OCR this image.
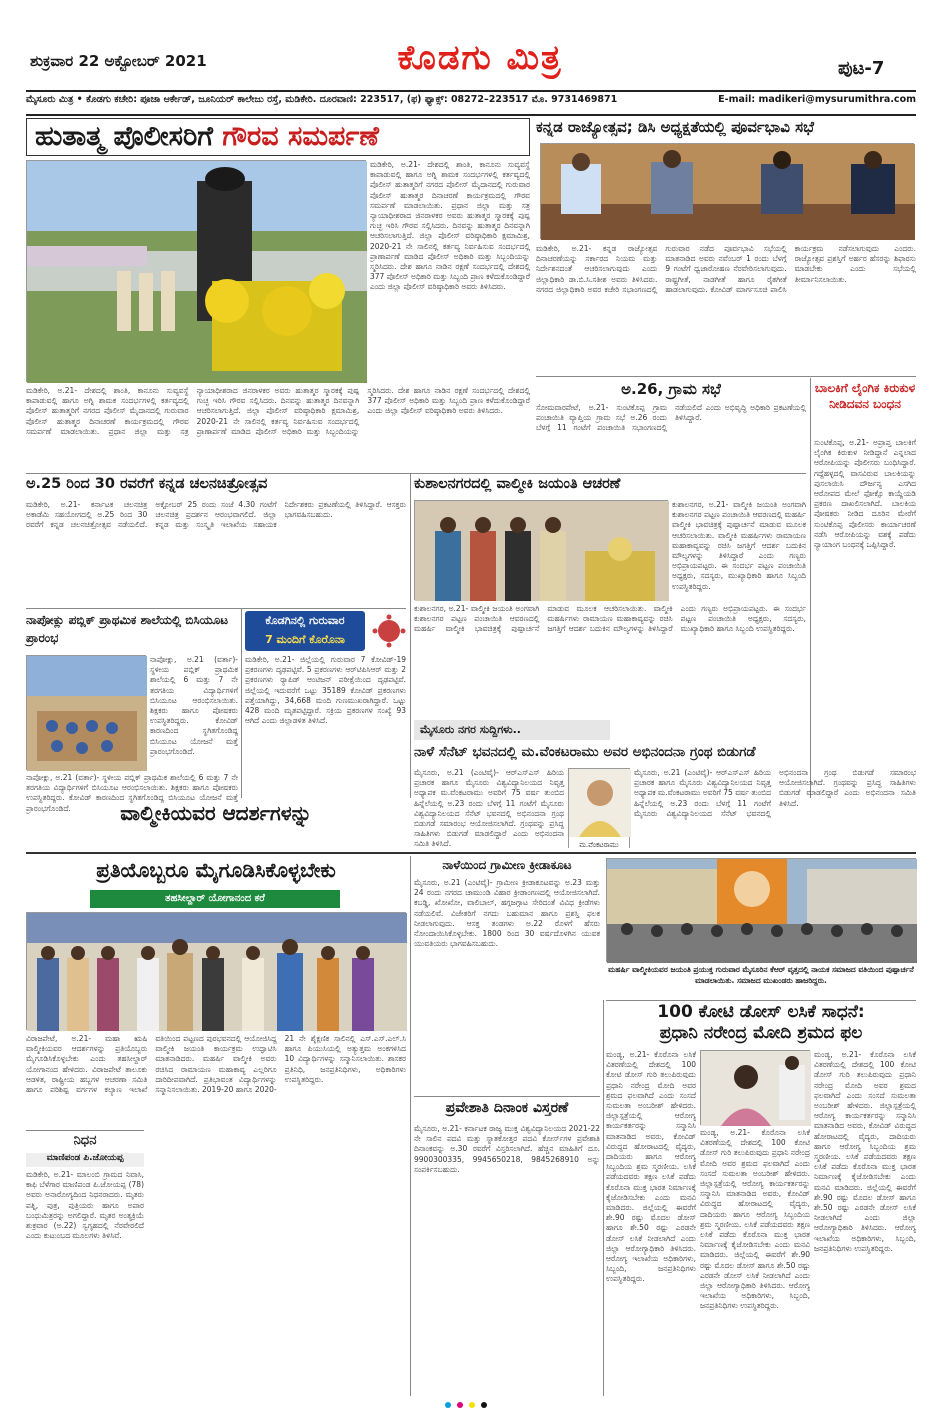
ಶುಕ್ರವಾರ 22 ಅಕ್ಟೋಬರ್ 2021	ಕೊಡಗು ಮಿತ್ರ	ಪುಟ-7
ಮೈಸೂರು ಮಿತ್ರ • ಕೊಡಗು ಕಚೇರಿ: ಪೂಜಾ ಆರ್ಕೇಡ್, ಜೂನಿಯರ್ ಕಾಲೇಜು ರಸ್ತೆ, ಮಡಿಕೇರಿ. ದೂರವಾಣಿ: 223517, (ಫ) ಫ್ಯಾಕ್ಸ್: 08272–223517 ಮೊ. 9731469871	E-mail: madikeri@mysurumithra.com
ಹುತಾತ್ಮ ಪೊಲೀಸರಿಗೆ ಗೌರವ ಸಮರ್ಪಣೆ
ಮಡಿಕೇರಿ, ಅ.21- ದೇಶದಲ್ಲಿ ಶಾಂತಿ, ಕಾನೂನು ಸುವ್ಯವಸ್ಥೆ ಕಾಪಾಡುವಲ್ಲಿ ಹಾಗೂ ಅಗ್ನಿ ಶಾಮಕ ಸಂದರ್ಭಗಳಲ್ಲಿ ಕರ್ತವ್ಯದಲ್ಲಿ ಪೊಲೀಸ್ ಹುತಾತ್ಮರಿಗೆ ನಗರದ ಪೊಲೀಸ್ ಮೈದಾನದಲ್ಲಿ ಗುರುವಾರ ಪೊಲೀಸ್ ಹುತಾತ್ಮರ ದಿನಾಚರಣೆ ಕಾರ್ಯಕ್ರಮದಲ್ಲಿ ಗೌರವ ಸಮರ್ಪಣೆ ಮಾಡಲಾಯಿತು. ಪ್ರಧಾನ ಜಿಲ್ಲಾ ಮತ್ತು ಸತ್ರ ನ್ಯಾಯಾಧೀಶರಾದ ಜಿನರಾಳಕರ ಅವರು ಹುತಾತ್ಮರ ಸ್ಮಾರಕಕ್ಕೆ ಪುಷ್ಪ ಗುಚ್ಛ ಇರಿಸಿ ಗೌರವ ಸಲ್ಲಿಸಿದರು. ದಿನವನ್ನು ಹುತಾತ್ಮರ ದಿನವನ್ನಾಗಿ ಆಚರಿಸಲಾಗುತ್ತಿದೆ. ಜಿಲ್ಲಾ ಪೊಲೀಸ್ ವರಿಷ್ಠಾಧಿಕಾರಿ ಕ್ಷಮಾಮಿಶ್ರ, 2020-21 ನೇ ಸಾಲಿನಲ್ಲಿ ಕರ್ತವ್ಯ ನಿರ್ವಹಿಸುವ ಸಂದರ್ಭದಲ್ಲಿ ಪ್ರಾಣಾರ್ಪಣೆ ಮಾಡಿದ ಪೊಲೀಸ್ ಅಧಿಕಾರಿ ಮತ್ತು ಸಿಬ್ಬಂದಿಯನ್ನು ಸ್ಮರಿಸಿದರು. ದೇಶ ಹಾಗೂ ನಾಡಿನ ರಕ್ಷಣೆ ಸಂದರ್ಭದಲ್ಲಿ ದೇಶದಲ್ಲಿ 377 ಪೊಲೀಸ್ ಅಧಿಕಾರಿ ಮತ್ತು ಸಿಬ್ಬಂದಿ ಪ್ರಾಣ ಕಳೆದುಕೊಂಡಿದ್ದಾರೆ ಎಂದು ಜಿಲ್ಲಾ ಪೊಲೀಸ್ ವರಿಷ್ಠಾಧಿಕಾರಿ ಅವರು ತಿಳಿಸಿದರು.
ಮಡಿಕೇರಿ, ಅ.21- ದೇಶದಲ್ಲಿ ಶಾಂತಿ, ಕಾನೂನು ಸುವ್ಯವಸ್ಥೆ ಕಾಪಾಡುವಲ್ಲಿ ಹಾಗೂ ಅಗ್ನಿ ಶಾಮಕ ಸಂದರ್ಭಗಳಲ್ಲಿ ಕರ್ತವ್ಯದಲ್ಲಿ ಪೊಲೀಸ್ ಹುತಾತ್ಮರಿಗೆ ನಗರದ ಪೊಲೀಸ್ ಮೈದಾನದಲ್ಲಿ ಗುರುವಾರ ಪೊಲೀಸ್ ಹುತಾತ್ಮರ ದಿನಾಚರಣೆ ಕಾರ್ಯಕ್ರಮದಲ್ಲಿ ಗೌರವ ಸಮರ್ಪಣೆ ಮಾಡಲಾಯಿತು. ಪ್ರಧಾನ ಜಿಲ್ಲಾ ಮತ್ತು ಸತ್ರ ನ್ಯಾಯಾಧೀಶರಾದ ಜಿನರಾಳಕರ ಅವರು ಹುತಾತ್ಮರ ಸ್ಮಾರಕಕ್ಕೆ ಪುಷ್ಪ ಗುಚ್ಛ ಇರಿಸಿ ಗೌರವ ಸಲ್ಲಿಸಿದರು. ದಿನವನ್ನು ಹುತಾತ್ಮರ ದಿನವನ್ನಾಗಿ ಆಚರಿಸಲಾಗುತ್ತಿದೆ. ಜಿಲ್ಲಾ ಪೊಲೀಸ್ ವರಿಷ್ಠಾಧಿಕಾರಿ ಕ್ಷಮಾಮಿಶ್ರ, 2020-21 ನೇ ಸಾಲಿನಲ್ಲಿ ಕರ್ತವ್ಯ ನಿರ್ವಹಿಸುವ ಸಂದರ್ಭದಲ್ಲಿ ಪ್ರಾಣಾರ್ಪಣೆ ಮಾಡಿದ ಪೊಲೀಸ್ ಅಧಿಕಾರಿ ಮತ್ತು ಸಿಬ್ಬಂದಿಯನ್ನು ಸ್ಮರಿಸಿದರು. ದೇಶ ಹಾಗೂ ನಾಡಿನ ರಕ್ಷಣೆ ಸಂದರ್ಭದಲ್ಲಿ ದೇಶದಲ್ಲಿ 377 ಪೊಲೀಸ್ ಅಧಿಕಾರಿ ಮತ್ತು ಸಿಬ್ಬಂದಿ ಪ್ರಾಣ ಕಳೆದುಕೊಂಡಿದ್ದಾರೆ ಎಂದು ಜಿಲ್ಲಾ ಪೊಲೀಸ್ ವರಿಷ್ಠಾಧಿಕಾರಿ ಅವರು ತಿಳಿಸಿದರು.
ಕನ್ನಡ ರಾಜ್ಯೋತ್ಸವ; ಡಿಸಿ ಅಧ್ಯಕ್ಷತೆಯಲ್ಲಿ ಪೂರ್ವಭಾವಿ ಸಭೆ
ಮಡಿಕೇರಿ, ಅ.21- ಕನ್ನಡ ರಾಜ್ಯೋತ್ಸವ ದಿನಾಚರಣೆಯನ್ನು ಸರ್ಕಾರದ ನಿಯಮ ಮತ್ತು ನಿರ್ದೇಶನದಂತೆ ಆಚರಿಸಲಾಗುವುದು ಎಂದು ಜಿಲ್ಲಾಧಿಕಾರಿ ಡಾ.ಬಿ.ಸಿ.ಸತೀಶ ಅವರು ತಿಳಿಸಿದರು. ನಗರದ ಜಿಲ್ಲಾಧಿಕಾರಿ ಅವರ ಕಚೇರಿ ಸಭಾಂಗಣದಲ್ಲಿ ಗುರುವಾರ ನಡೆದ ಪೂರ್ವಭಾವಿ ಸಭೆಯಲ್ಲಿ ಮಾತನಾಡಿದ ಅವರು ನವೆಂಬರ್ 1 ರಂದು ಬೆಳಗ್ಗೆ 9 ಗಂಟೆಗೆ ಧ್ವಜಾರೋಹಣ ನೆರವೇರಿಸಲಾಗುವುದು. ರಾಷ್ಟ್ರಗೀತೆ, ನಾಡಗೀತೆ ಹಾಗೂ ರೈತಗೀತೆ ಹಾಡಲಾಗುವುದು. ಕೋವಿಡ್ ಮಾರ್ಗಸೂಚಿ ಪಾಲಿಸಿ ಕಾರ್ಯಕ್ರಮ ನಡೆಸಲಾಗುವುದು ಎಂದರು. ರಾಜ್ಯೋತ್ಸವ ಪ್ರಶಸ್ತಿಗೆ ಅರ್ಹರ ಹೆಸರನ್ನು ಶಿಫಾರಸು ಮಾಡಬೇಕು ಎಂದು ಸಭೆಯಲ್ಲಿ ತೀರ್ಮಾನಿಸಲಾಯಿತು.
ಅ.26, ಗ್ರಾಮ ಸಭೆ
ಸೋಮವಾರಪೇಟೆ, ಅ.21- ಸುಂಟಿಕೊಪ್ಪ ಗ್ರಾಮ ಪಂಚಾಯಿತಿ ವ್ಯಾಪ್ತಿಯ ಗ್ರಾಮ ಸಭೆ ಅ.26 ರಂದು ಬೆಳಗ್ಗೆ 11 ಗಂಟೆಗೆ ಪಂಚಾಯಿತಿ ಸಭಾಂಗಣದಲ್ಲಿ ನಡೆಯಲಿದೆ ಎಂದು ಅಭಿವೃದ್ಧಿ ಅಧಿಕಾರಿ ಪ್ರಕಟಣೆಯಲ್ಲಿ ತಿಳಿಸಿದ್ದಾರೆ.
ಬಾಲಕಿಗೆ ಲೈಂಗಿಕ ಕಿರುಕುಳ ನೀಡಿದವನ ಬಂಧನ
ಸುಂಟಿಕೊಪ್ಪ, ಅ.21- ಅಪ್ರಾಪ್ತ ಬಾಲಕಿಗೆ ಲೈಂಗಿಕ ಕಿರುಕುಳ ನೀಡಿದ್ದಾನೆ ಎನ್ನಲಾದ ಆರೋಪಿಯನ್ನು ಪೊಲೀಸರು ಬಂಧಿಸಿದ್ದಾರೆ. ಗದ್ದೆಹಳ್ಳದಲ್ಲಿ ವಾಸವಿರುವ ಬಾಲಕಿಯನ್ನು ಪುಸಲಾಯಿಸಿ ದೌರ್ಜನ್ಯ ಎಸಗಿದ ಆರೋಪದ ಮೇಲೆ ಫೋಕ್ಸೊ ಕಾಯ್ದೆಯಡಿ ಪ್ರಕರಣ ದಾಖಲಿಸಲಾಗಿದೆ. ಬಾಲಕಿಯ ಪೋಷಕರು ನೀಡಿದ ದೂರಿನ ಮೇರೆಗೆ ಸುಂಟಿಕೊಪ್ಪ ಪೊಲೀಸರು ಕಾರ್ಯಾಚರಣೆ ನಡೆಸಿ ಆರೋಪಿಯನ್ನು ವಶಕ್ಕೆ ಪಡೆದು ನ್ಯಾಯಾಂಗ ಬಂಧನಕ್ಕೆ ಒಪ್ಪಿಸಿದ್ದಾರೆ.
ಅ.25 ರಿಂದ 30 ರವರೆಗೆ ಕನ್ನಡ ಚಲನಚಿತ್ರೋತ್ಸವ
ಮಡಿಕೇರಿ, ಅ.21- ಕರ್ನಾಟಕ ಚಲನಚಿತ್ರ ಅಕಾಡೆಮಿ ಸಹಯೋಗದಲ್ಲಿ ಅ.25 ರಿಂದ 30 ರವರೆಗೆ ಕನ್ನಡ ಚಲನಚಿತ್ರೋತ್ಸವ ನಡೆಯಲಿದೆ. ಅಕ್ಟೋಬರ್ 25 ರಂದು ಸಂಜೆ 4.30 ಗಂಟೆಗೆ ಚಲನಚಿತ್ರ ಪ್ರದರ್ಶನ ಆರಂಭವಾಗಲಿದೆ. ಜಿಲ್ಲಾ ಕನ್ನಡ ಮತ್ತು ಸಂಸ್ಕೃತಿ ಇಲಾಖೆಯ ಸಹಾಯಕ ನಿರ್ದೇಶಕರು ಪ್ರಕಟಣೆಯಲ್ಲಿ ತಿಳಿಸಿದ್ದಾರೆ. ಆಸಕ್ತರು ಭಾಗವಹಿಸಬಹುದು.
ನಾಪೋಕ್ಲು ಪಬ್ಲಿಕ್ ಪ್ರಾಥಮಿಕ ಶಾಲೆಯಲ್ಲಿ ಬಿಸಿಯೂಟ ಪ್ರಾರಂಭ
ನಾಪೋಕ್ಲು, ಅ.21 (ವರ್ತಾ)- ಸ್ಥಳೀಯ ಪಬ್ಲಿಕ್ ಪ್ರಾಥಮಿಕ ಶಾಲೆಯಲ್ಲಿ 6 ಮತ್ತು 7 ನೇ ತರಗತಿಯ ವಿದ್ಯಾರ್ಥಿಗಳಿಗೆ ಬಿಸಿಯೂಟ ಆರಂಭಿಸಲಾಯಿತು. ಶಿಕ್ಷಕರು ಹಾಗೂ ಪೋಷಕರು ಉಪಸ್ಥಿತರಿದ್ದರು. ಕೋವಿಡ್ ಕಾರಣದಿಂದ ಸ್ಥಗಿತಗೊಂಡಿದ್ದ ಬಿಸಿಯೂಟ ಯೋಜನೆ ಮತ್ತೆ ಪ್ರಾರಂಭಗೊಂಡಿದೆ.
ನಾಪೋಕ್ಲು, ಅ.21 (ವರ್ತಾ)- ಸ್ಥಳೀಯ ಪಬ್ಲಿಕ್ ಪ್ರಾಥಮಿಕ ಶಾಲೆಯಲ್ಲಿ 6 ಮತ್ತು 7 ನೇ ತರಗತಿಯ ವಿದ್ಯಾರ್ಥಿಗಳಿಗೆ ಬಿಸಿಯೂಟ ಆರಂಭಿಸಲಾಯಿತು. ಶಿಕ್ಷಕರು ಹಾಗೂ ಪೋಷಕರು ಉಪಸ್ಥಿತರಿದ್ದರು. ಕೋವಿಡ್ ಕಾರಣದಿಂದ ಸ್ಥಗಿತಗೊಂಡಿದ್ದ ಬಿಸಿಯೂಟ ಯೋಜನೆ ಮತ್ತೆ ಪ್ರಾರಂಭಗೊಂಡಿದೆ.
ಕೊಡಗಿನಲ್ಲಿ ಗುರುವಾರ
7 ಮಂದಿಗೆ ಕೊರೊನಾ
ಮಡಿಕೇರಿ, ಅ.21- ಜಿಲ್ಲೆಯಲ್ಲಿ ಗುರುವಾರ 7 ಕೋವಿಡ್-19 ಪ್ರಕರಣಗಳು ದೃಢಪಟ್ಟಿವೆ. 5 ಪ್ರಕರಣಗಳು ಆರ್‌ಟಿಪಿಸಿಆರ್ ಮತ್ತು 2 ಪ್ರಕರಣಗಳು ರ್‍ಯಾಪಿಡ್ ಆಂಟಿಜನ್ ಪರೀಕ್ಷೆಯಿಂದ ದೃಢಪಟ್ಟಿವೆ. ಜಿಲ್ಲೆಯಲ್ಲಿ ಇದುವರೆಗೆ ಒಟ್ಟು 35189 ಕೋವಿಡ್ ಪ್ರಕರಣಗಳು ಪತ್ತೆಯಾಗಿದ್ದು, 34,668 ಮಂದಿ ಗುಣಮುಖರಾಗಿದ್ದಾರೆ. ಒಟ್ಟು 428 ಮಂದಿ ಮೃತಪಟ್ಟಿದ್ದಾರೆ. ಸಕ್ರಿಯ ಪ್ರಕರಣಗಳ ಸಂಖ್ಯೆ 93 ಆಗಿದೆ ಎಂದು ಜಿಲ್ಲಾಡಳಿತ ತಿಳಿಸಿದೆ.
ಕುಶಾಲನಗರದಲ್ಲಿ ವಾಲ್ಮೀಕಿ ಜಯಂತಿ ಆಚರಣೆ
ಕುಶಾಲನಗರ, ಅ.21- ವಾಲ್ಮೀಕಿ ಜಯಂತಿ ಅಂಗವಾಗಿ ಕುಶಾಲನಗರ ಪಟ್ಟಣ ಪಂಚಾಯಿತಿ ಆವರಣದಲ್ಲಿ ಮಹರ್ಷಿ ವಾಲ್ಮೀಕಿ ಭಾವಚಿತ್ರಕ್ಕೆ ಪುಷ್ಪಾರ್ಚನೆ ಮಾಡುವ ಮೂಲಕ ಆಚರಿಸಲಾಯಿತು. ವಾಲ್ಮೀಕಿ ಮಹರ್ಷಿಗಳು ರಾಮಾಯಣ ಮಹಾಕಾವ್ಯವನ್ನು ರಚಿಸಿ ಜಗತ್ತಿಗೆ ಆದರ್ಶ ಬದುಕಿನ ಮೌಲ್ಯಗಳನ್ನು ತಿಳಿಸಿದ್ದಾರೆ ಎಂದು ಗಣ್ಯರು ಅಭಿಪ್ರಾಯಪಟ್ಟರು. ಈ ಸಂದರ್ಭ ಪಟ್ಟಣ ಪಂಚಾಯಿತಿ ಅಧ್ಯಕ್ಷರು, ಸದಸ್ಯರು, ಮುಖ್ಯಾಧಿಕಾರಿ ಹಾಗೂ ಸಿಬ್ಬಂದಿ ಉಪಸ್ಥಿತರಿದ್ದರು.
ಕುಶಾಲನಗರ, ಅ.21- ವಾಲ್ಮೀಕಿ ಜಯಂತಿ ಅಂಗವಾಗಿ ಕುಶಾಲನಗರ ಪಟ್ಟಣ ಪಂಚಾಯಿತಿ ಆವರಣದಲ್ಲಿ ಮಹರ್ಷಿ ವಾಲ್ಮೀಕಿ ಭಾವಚಿತ್ರಕ್ಕೆ ಪುಷ್ಪಾರ್ಚನೆ ಮಾಡುವ ಮೂಲಕ ಆಚರಿಸಲಾಯಿತು. ವಾಲ್ಮೀಕಿ ಮಹರ್ಷಿಗಳು ರಾಮಾಯಣ ಮಹಾಕಾವ್ಯವನ್ನು ರಚಿಸಿ ಜಗತ್ತಿಗೆ ಆದರ್ಶ ಬದುಕಿನ ಮೌಲ್ಯಗಳನ್ನು ತಿಳಿಸಿದ್ದಾರೆ ಎಂದು ಗಣ್ಯರು ಅಭಿಪ್ರಾಯಪಟ್ಟರು. ಈ ಸಂದರ್ಭ ಪಟ್ಟಣ ಪಂಚಾಯಿತಿ ಅಧ್ಯಕ್ಷರು, ಸದಸ್ಯರು, ಮುಖ್ಯಾಧಿಕಾರಿ ಹಾಗೂ ಸಿಬ್ಬಂದಿ ಉಪಸ್ಥಿತರಿದ್ದರು.
ಮೈಸೂರು ನಗರ ಸುದ್ದಿಗಳು..
ನಾಳೆ ಸೆನೆಟ್ ಭವನದಲ್ಲಿ ಮ.ವೆಂಕಟರಾಮು ಅವರ ಅಭಿನಂದನಾ ಗ್ರಂಥ ಬಿಡುಗಡೆ
ಮೈಸೂರು, ಅ.21 (ಎಂಟಿವೈ)- ಆರ್‌ಎಸ್‌ಎಸ್ ಹಿರಿಯ ಪ್ರಚಾರಕ ಹಾಗೂ ಮೈಸೂರು ವಿಶ್ವವಿದ್ಯಾನಿಲಯದ ನಿವೃತ್ತ ಅಧ್ಯಾಪಕ ಮ.ವೆಂಕಟರಾಮು ಅವರಿಗೆ 75 ವರ್ಷ ತುಂಬಿದ ಹಿನ್ನೆಲೆಯಲ್ಲಿ ಅ.23 ರಂದು ಬೆಳಗ್ಗೆ 11 ಗಂಟೆಗೆ ಮೈಸೂರು ವಿಶ್ವವಿದ್ಯಾನಿಲಯದ ಸೆನೆಟ್ ಭವನದಲ್ಲಿ ಅಭಿನಂದನಾ ಗ್ರಂಥ ಬಿಡುಗಡೆ ಸಮಾರಂಭ ಆಯೋಜಿಸಲಾಗಿದೆ. ಗ್ರಂಥವನ್ನು ಪ್ರಸಿದ್ಧ ಸಾಹಿತಿಗಳು ಬಿಡುಗಡೆ ಮಾಡಲಿದ್ದಾರೆ ಎಂದು ಅಭಿನಂದನಾ ಸಮಿತಿ ತಿಳಿಸಿದೆ.	ಮ.ವೆಂಕಟರಾಮು
ಮೈಸೂರು, ಅ.21 (ಎಂಟಿವೈ)- ಆರ್‌ಎಸ್‌ಎಸ್ ಹಿರಿಯ ಪ್ರಚಾರಕ ಹಾಗೂ ಮೈಸೂರು ವಿಶ್ವವಿದ್ಯಾನಿಲಯದ ನಿವೃತ್ತ ಅಧ್ಯಾಪಕ ಮ.ವೆಂಕಟರಾಮು ಅವರಿಗೆ 75 ವರ್ಷ ತುಂಬಿದ ಹಿನ್ನೆಲೆಯಲ್ಲಿ ಅ.23 ರಂದು ಬೆಳಗ್ಗೆ 11 ಗಂಟೆಗೆ ಮೈಸೂರು ವಿಶ್ವವಿದ್ಯಾನಿಲಯದ ಸೆನೆಟ್ ಭವನದಲ್ಲಿ ಅಭಿನಂದನಾ ಗ್ರಂಥ ಬಿಡುಗಡೆ ಸಮಾರಂಭ ಆಯೋಜಿಸಲಾಗಿದೆ. ಗ್ರಂಥವನ್ನು ಪ್ರಸಿದ್ಧ ಸಾಹಿತಿಗಳು ಬಿಡುಗಡೆ ಮಾಡಲಿದ್ದಾರೆ ಎಂದು ಅಭಿನಂದನಾ ಸಮಿತಿ ತಿಳಿಸಿದೆ.
ವಾಲ್ಮೀಕಿಯವರ ಆದರ್ಶಗಳನ್ನು
ಪ್ರತಿಯೊಬ್ಬರೂ ಮೈಗೂಡಿಸಿಕೊಳ್ಳಬೇಕು
ತಹಸೀಲ್ದಾರ್ ಯೋಗಾನಂದ ಕರೆ
ವಿರಾಜಪೇಟೆ, ಅ.21- ಮಹಾ ಋಷಿ ವಾಲ್ಮೀಕಿಯವರ ಆದರ್ಶಗಳನ್ನು ಪ್ರತಿಯೊಬ್ಬರು ಮೈಗೂಡಿಸಿಕೊಳ್ಳಬೇಕು ಎಂದು ತಹಸೀಲ್ದಾರ್ ಯೋಗಾನಂದ ಹೇಳಿದರು. ವಿರಾಜಪೇಟೆ ತಾಲೂಕು ಆಡಳಿತ, ರಾಷ್ಟ್ರೀಯ ಹಬ್ಬಗಳ ಆಚರಣಾ ಸಮಿತಿ ಹಾಗೂ ಪರಿಶಿಷ್ಟ ವರ್ಗಗಳ ಕಲ್ಯಾಣ ಇಲಾಖೆ ವತಿಯಿಂದ ಪಟ್ಟಣದ ಪುರಭವನದಲ್ಲಿ ಆಯೋಜಿಸಿದ್ದ ವಾಲ್ಮೀಕಿ ಜಯಂತಿ ಕಾರ್ಯಕ್ರಮ ಉದ್ಘಾಟಿಸಿ ಮಾತನಾಡಿದರು. ಮಹರ್ಷಿ ವಾಲ್ಮೀಕಿ ಅವರು ರಚಿಸಿದ ರಾಮಾಯಣ ಮಹಾಕಾವ್ಯ ಎಲ್ಲರಿಗೂ ದಾರಿದೀಪವಾಗಿದೆ. ಪ್ರತಿಭಾವಂತ ವಿದ್ಯಾರ್ಥಿಗಳನ್ನು ಸನ್ಮಾನಿಸಲಾಯಿತು. 2019-20 ಹಾಗೂ 2020-21 ನೇ ಶೈಕ್ಷಣಿಕ ಸಾಲಿನಲ್ಲಿ ಎಸ್.ಎಸ್.ಎಲ್.ಸಿ ಹಾಗೂ ಪಿಯುಸಿಯಲ್ಲಿ ಅತ್ಯುತ್ತಮ ಅಂಕಗಳಿಸಿದ 10 ವಿದ್ಯಾರ್ಥಿಗಳನ್ನು ಸನ್ಮಾನಿಸಲಾಯಿತು. ಶಾಸಕರ ಪ್ರತಿನಿಧಿ, ಜನಪ್ರತಿನಿಧಿಗಳು, ಅಧಿಕಾರಿಗಳು ಉಪಸ್ಥಿತರಿದ್ದರು.
ನಿಧನ
ಮಾಣಿಪಂಡ ಪಿ.ಜೋಯಪ್ಪ
ಮಡಿಕೇರಿ, ಅ.21- ಮಾಲಂಬಿ ಗ್ರಾಮದ ನಿವಾಸಿ, ಕಾಫಿ ಬೆಳೆಗಾರ ಮಾಣಿಪಂಡ ಪಿ.ಜೋಯಪ್ಪ (78) ಅವರು ಅನಾರೋಗ್ಯದಿಂದ ನಿಧನರಾದರು. ಮೃತರು ಪತ್ನಿ, ಪುತ್ರ, ಪುತ್ರಿಯರು ಹಾಗೂ ಅಪಾರ ಬಂಧುಮಿತ್ರರನ್ನು ಅಗಲಿದ್ದಾರೆ. ಮೃತರ ಅಂತ್ಯಕ್ರಿಯೆ ಶುಕ್ರವಾರ (ಅ.22) ಸ್ವಗೃಹದಲ್ಲಿ ನೆರವೇರಲಿದೆ ಎಂದು ಕುಟುಂಬದ ಮೂಲಗಳು ತಿಳಿಸಿವೆ.
ನಾಳೆಯಿಂದ ಗ್ರಾಮೀಣ ಕ್ರೀಡಾಕೂಟ
ಮೈಸೂರು, ಅ.21 (ಎಂಟಿವೈ)- ಗ್ರಾಮೀಣ ಕ್ರೀಡಾಕೂಟವನ್ನು ಅ.23 ಮತ್ತು 24 ರಂದು ನಗರದ ಚಾಮುಂಡಿ ವಿಹಾರ ಕ್ರೀಡಾಂಗಣದಲ್ಲಿ ಆಯೋಜಿಸಲಾಗಿದೆ. ಕಬಡ್ಡಿ, ಖೋಖೋ, ವಾಲಿಬಾಲ್, ಹಗ್ಗಜಗ್ಗಾಟ ಸೇರಿದಂತೆ ವಿವಿಧ ಕ್ರೀಡೆಗಳು ನಡೆಯಲಿವೆ. ವಿಜೇತರಿಗೆ ನಗದು ಬಹುಮಾನ ಹಾಗೂ ಪ್ರಶಸ್ತಿ ಫಲಕ ನೀಡಲಾಗುವುದು. ಆಸಕ್ತ ತಂಡಗಳು ಅ.22 ರೊಳಗೆ ಹೆಸರು ನೋಂದಾಯಿಸಿಕೊಳ್ಳಬೇಕು. 1800 ರಿಂದ 30 ವರ್ಷದೊಳಗಿನ ಯುವಕ ಯುವತಿಯರು ಭಾಗವಹಿಸಬಹುದು.
ಮಹರ್ಷಿ ವಾಲ್ಮೀಕಿಯವರ ಜಯಂತಿ ಪ್ರಯುಕ್ತ ಗುರುವಾರ ಮೈಸೂರಿನ ಕೆಆರ್ ವೃತ್ತದಲ್ಲಿ ನಾಯಕ ಸಮಾಜದ ವತಿಯಿಂದ ಪುಷ್ಪಾರ್ಚನೆ ಮಾಡಲಾಯಿತು. ಸಮಾಜದ ಮುಖಂಡರು ಹಾಜರಿದ್ದರು.
ಪ್ರವೇಶಾತಿ ದಿನಾಂಕ ವಿಸ್ತರಣೆ
ಮೈಸೂರು, ಅ.21- ಕರ್ನಾಟಕ ರಾಜ್ಯ ಮುಕ್ತ ವಿಶ್ವವಿದ್ಯಾನಿಲಯದ 2021-22 ನೇ ಸಾಲಿನ ಪದವಿ ಮತ್ತು ಸ್ನಾತಕೋತ್ತರ ಪದವಿ ಕೋರ್ಸ್‌ಗಳ ಪ್ರವೇಶಾತಿ ದಿನಾಂಕವನ್ನು ಅ.30 ರವರೆಗೆ ವಿಸ್ತರಿಸಲಾಗಿದೆ. ಹೆಚ್ಚಿನ ಮಾಹಿತಿಗೆ ದೂ. 9900300335, 9945650218, 9845268910 ಅನ್ನು ಸಂಪರ್ಕಿಸಬಹುದು.
100 ಕೋಟಿ ಡೋಸ್ ಲಸಿಕೆ ಸಾಧನೆ:
ಪ್ರಧಾನಿ ನರೇಂದ್ರ ಮೋದಿ ಶ್ರಮದ ಫಲ
ಮಂಡ್ಯ, ಅ.21- ಕೊರೊನಾ ಲಸಿಕೆ ವಿತರಣೆಯಲ್ಲಿ ದೇಶದಲ್ಲಿ 100 ಕೋಟಿ ಡೋಸ್ ಗುರಿ ತಲುಪಿರುವುದು ಪ್ರಧಾನಿ ನರೇಂದ್ರ ಮೋದಿ ಅವರ ಶ್ರಮದ ಫಲವಾಗಿದೆ ಎಂದು ಸಂಸದೆ ಸುಮಲತಾ ಅಂಬರೀಶ್ ಹೇಳಿದರು. ಜಿಲ್ಲಾಸ್ಪತ್ರೆಯಲ್ಲಿ ಆರೋಗ್ಯ ಕಾರ್ಯಕರ್ತರನ್ನು ಸನ್ಮಾನಿಸಿ ಮಾತನಾಡಿದ ಅವರು, ಕೋವಿಡ್ ವಿರುದ್ಧದ ಹೋರಾಟದಲ್ಲಿ ವೈದ್ಯರು, ದಾದಿಯರು ಹಾಗೂ ಆರೋಗ್ಯ ಸಿಬ್ಬಂದಿಯ ಶ್ರಮ ಸ್ಮರಣೀಯ. ಲಸಿಕೆ ಪಡೆಯದವರು ತಕ್ಷಣ ಲಸಿಕೆ ಪಡೆದು ಕೊರೊನಾ ಮುಕ್ತ ಭಾರತ ನಿರ್ಮಾಣಕ್ಕೆ ಕೈಜೋಡಿಸಬೇಕು ಎಂದು ಮನವಿ ಮಾಡಿದರು. ಜಿಲ್ಲೆಯಲ್ಲಿ ಈವರೆಗೆ ಶೇ.90 ರಷ್ಟು ಮೊದಲ ಡೋಸ್ ಹಾಗೂ ಶೇ.50 ರಷ್ಟು ಎರಡನೇ ಡೋಸ್ ಲಸಿಕೆ ನೀಡಲಾಗಿದೆ ಎಂದು ಜಿಲ್ಲಾ ಆರೋಗ್ಯಾಧಿಕಾರಿ ತಿಳಿಸಿದರು. ಆರೋಗ್ಯ ಇಲಾಖೆಯ ಅಧಿಕಾರಿಗಳು, ಸಿಬ್ಬಂದಿ, ಜನಪ್ರತಿನಿಧಿಗಳು ಉಪಸ್ಥಿತರಿದ್ದರು.
ಮಂಡ್ಯ, ಅ.21- ಕೊರೊನಾ ಲಸಿಕೆ ವಿತರಣೆಯಲ್ಲಿ ದೇಶದಲ್ಲಿ 100 ಕೋಟಿ ಡೋಸ್ ಗುರಿ ತಲುಪಿರುವುದು ಪ್ರಧಾನಿ ನರೇಂದ್ರ ಮೋದಿ ಅವರ ಶ್ರಮದ ಫಲವಾಗಿದೆ ಎಂದು ಸಂಸದೆ ಸುಮಲತಾ ಅಂಬರೀಶ್ ಹೇಳಿದರು. ಜಿಲ್ಲಾಸ್ಪತ್ರೆಯಲ್ಲಿ ಆರೋಗ್ಯ ಕಾರ್ಯಕರ್ತರನ್ನು ಸನ್ಮಾನಿಸಿ ಮಾತನಾಡಿದ ಅವರು, ಕೋವಿಡ್ ವಿರುದ್ಧದ ಹೋರಾಟದಲ್ಲಿ ವೈದ್ಯರು, ದಾದಿಯರು ಹಾಗೂ ಆರೋಗ್ಯ ಸಿಬ್ಬಂದಿಯ ಶ್ರಮ ಸ್ಮರಣೀಯ. ಲಸಿಕೆ ಪಡೆಯದವರು ತಕ್ಷಣ ಲಸಿಕೆ ಪಡೆದು ಕೊರೊನಾ ಮುಕ್ತ ಭಾರತ ನಿರ್ಮಾಣಕ್ಕೆ ಕೈಜೋಡಿಸಬೇಕು ಎಂದು ಮನವಿ ಮಾಡಿದರು. ಜಿಲ್ಲೆಯಲ್ಲಿ ಈವರೆಗೆ ಶೇ.90 ರಷ್ಟು ಮೊದಲ ಡೋಸ್ ಹಾಗೂ ಶೇ.50 ರಷ್ಟು ಎರಡನೇ ಡೋಸ್ ಲಸಿಕೆ ನೀಡಲಾಗಿದೆ ಎಂದು ಜಿಲ್ಲಾ ಆರೋಗ್ಯಾಧಿಕಾರಿ ತಿಳಿಸಿದರು. ಆರೋಗ್ಯ ಇಲಾಖೆಯ ಅಧಿಕಾರಿಗಳು, ಸಿಬ್ಬಂದಿ, ಜನಪ್ರತಿನಿಧಿಗಳು ಉಪಸ್ಥಿತರಿದ್ದರು.
ಮಂಡ್ಯ, ಅ.21- ಕೊರೊನಾ ಲಸಿಕೆ ವಿತರಣೆಯಲ್ಲಿ ದೇಶದಲ್ಲಿ 100 ಕೋಟಿ ಡೋಸ್ ಗುರಿ ತಲುಪಿರುವುದು ಪ್ರಧಾನಿ ನರೇಂದ್ರ ಮೋದಿ ಅವರ ಶ್ರಮದ ಫಲವಾಗಿದೆ ಎಂದು ಸಂಸದೆ ಸುಮಲತಾ ಅಂಬರೀಶ್ ಹೇಳಿದರು. ಜಿಲ್ಲಾಸ್ಪತ್ರೆಯಲ್ಲಿ ಆರೋಗ್ಯ ಕಾರ್ಯಕರ್ತರನ್ನು ಸನ್ಮಾನಿಸಿ ಮಾತನಾಡಿದ ಅವರು, ಕೋವಿಡ್ ವಿರುದ್ಧದ ಹೋರಾಟದಲ್ಲಿ ವೈದ್ಯರು, ದಾದಿಯರು ಹಾಗೂ ಆರೋಗ್ಯ ಸಿಬ್ಬಂದಿಯ ಶ್ರಮ ಸ್ಮರಣೀಯ. ಲಸಿಕೆ ಪಡೆಯದವರು ತಕ್ಷಣ ಲಸಿಕೆ ಪಡೆದು ಕೊರೊನಾ ಮುಕ್ತ ಭಾರತ ನಿರ್ಮಾಣಕ್ಕೆ ಕೈಜೋಡಿಸಬೇಕು ಎಂದು ಮನವಿ ಮಾಡಿದರು. ಜಿಲ್ಲೆಯಲ್ಲಿ ಈವರೆಗೆ ಶೇ.90 ರಷ್ಟು ಮೊದಲ ಡೋಸ್ ಹಾಗೂ ಶೇ.50 ರಷ್ಟು ಎರಡನೇ ಡೋಸ್ ಲಸಿಕೆ ನೀಡಲಾಗಿದೆ ಎಂದು ಜಿಲ್ಲಾ ಆರೋಗ್ಯಾಧಿಕಾರಿ ತಿಳಿಸಿದರು. ಆರೋಗ್ಯ ಇಲಾಖೆಯ ಅಧಿಕಾರಿಗಳು, ಸಿಬ್ಬಂದಿ, ಜನಪ್ರತಿನಿಧಿಗಳು ಉಪಸ್ಥಿತರಿದ್ದರು.
